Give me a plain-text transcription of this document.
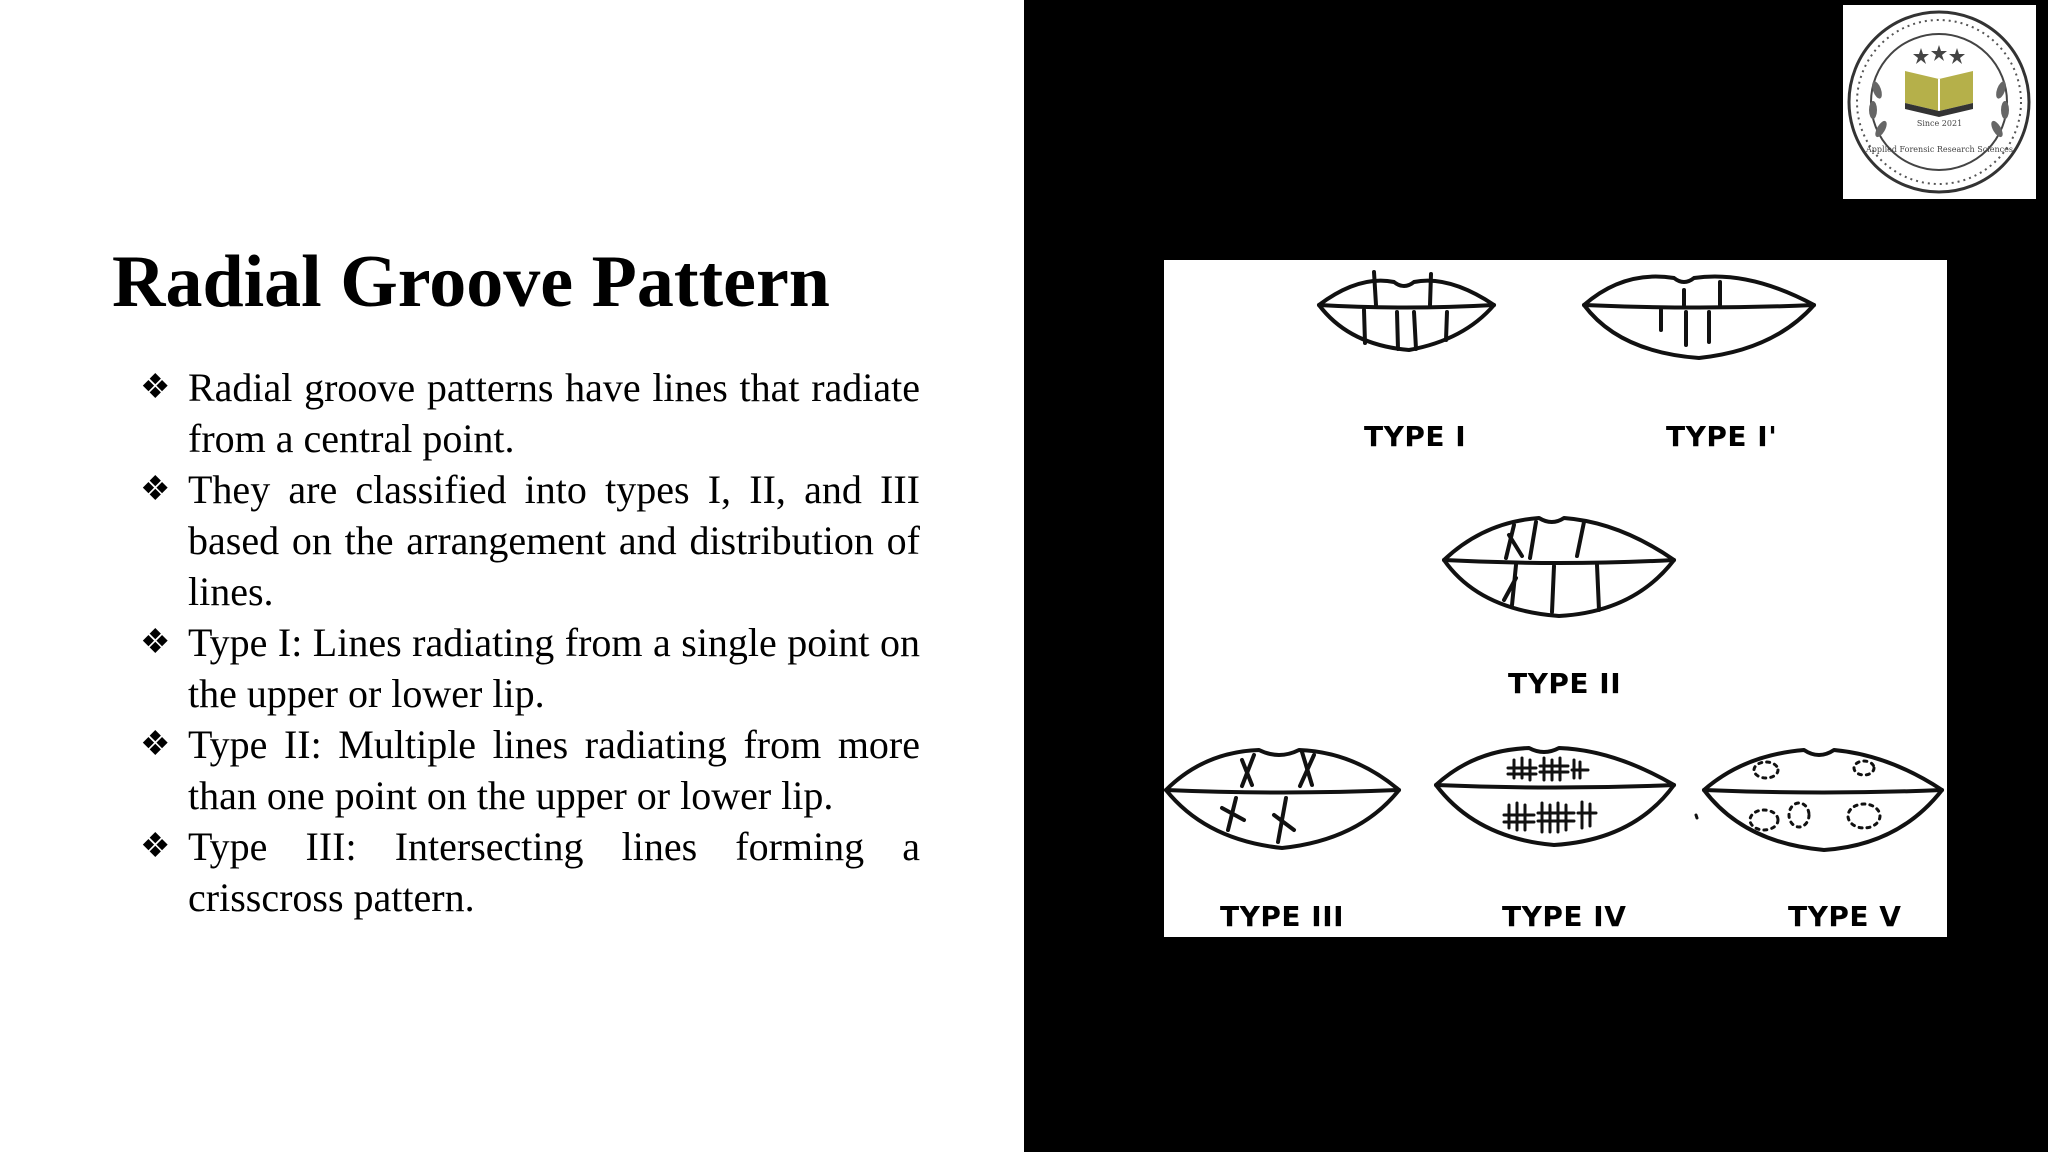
Radial Groove Pattern
❖ Radial groove patterns have lines that radiate from a central point.
❖ They are classified into types I, II, and III based on the arrangement and distribution of lines.
❖ Type I: Lines radiating from a single point on the upper or lower lip.
❖ Type II: Multiple lines radiating from more than one point on the upper or lower lip.
❖ Type III: Intersecting lines forming a crisscross pattern.
TYPE I	TYPE I'
TYPE II
TYPE III	TYPE IV	TYPE V
Since 2021
Applied Forensic Research Sciences
